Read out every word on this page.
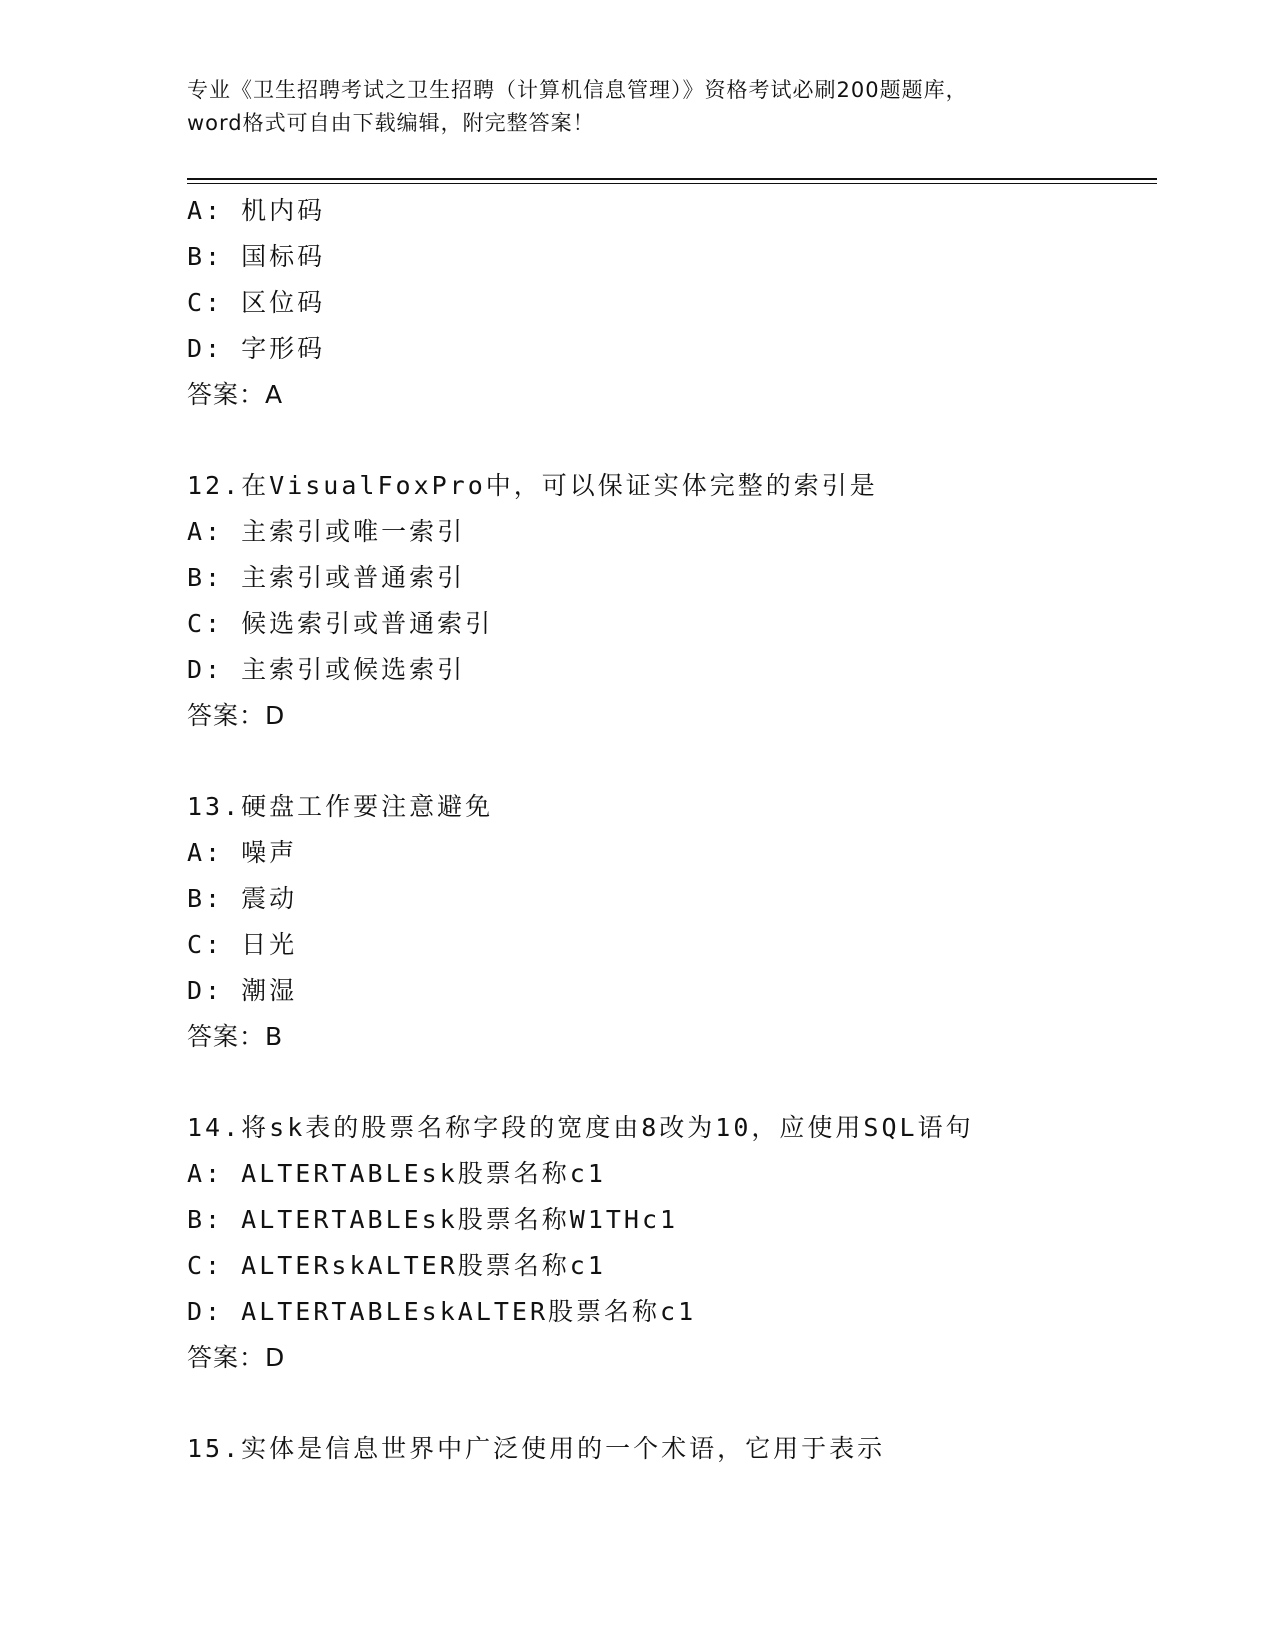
专业《卫生招聘考试之卫生招聘（计算机信息管理）》资格考试必刷200题题库，
word格式可自由下载编辑，附完整答案！
A: 机内码
B: 国标码
C: 区位码
D: 字形码
答案：A
12.在VisualFoxPro中，可以保证实体完整的索引是
A: 主索引或唯一索引
B: 主索引或普通索引
C: 候选索引或普通索引
D: 主索引或候选索引
答案：D
13.硬盘工作要注意避免
A: 噪声
B: 震动
C: 日光
D: 潮湿
答案：B
14.将sk表的股票名称字段的宽度由8改为10，应使用SQL语句
A: ALTERTABLEsk股票名称c1
B: ALTERTABLEsk股票名称W1THc1
C: ALTERskALTER股票名称c1
D: ALTERTABLEskALTER股票名称c1
答案：D
15.实体是信息世界中广泛使用的一个术语，它用于表示
